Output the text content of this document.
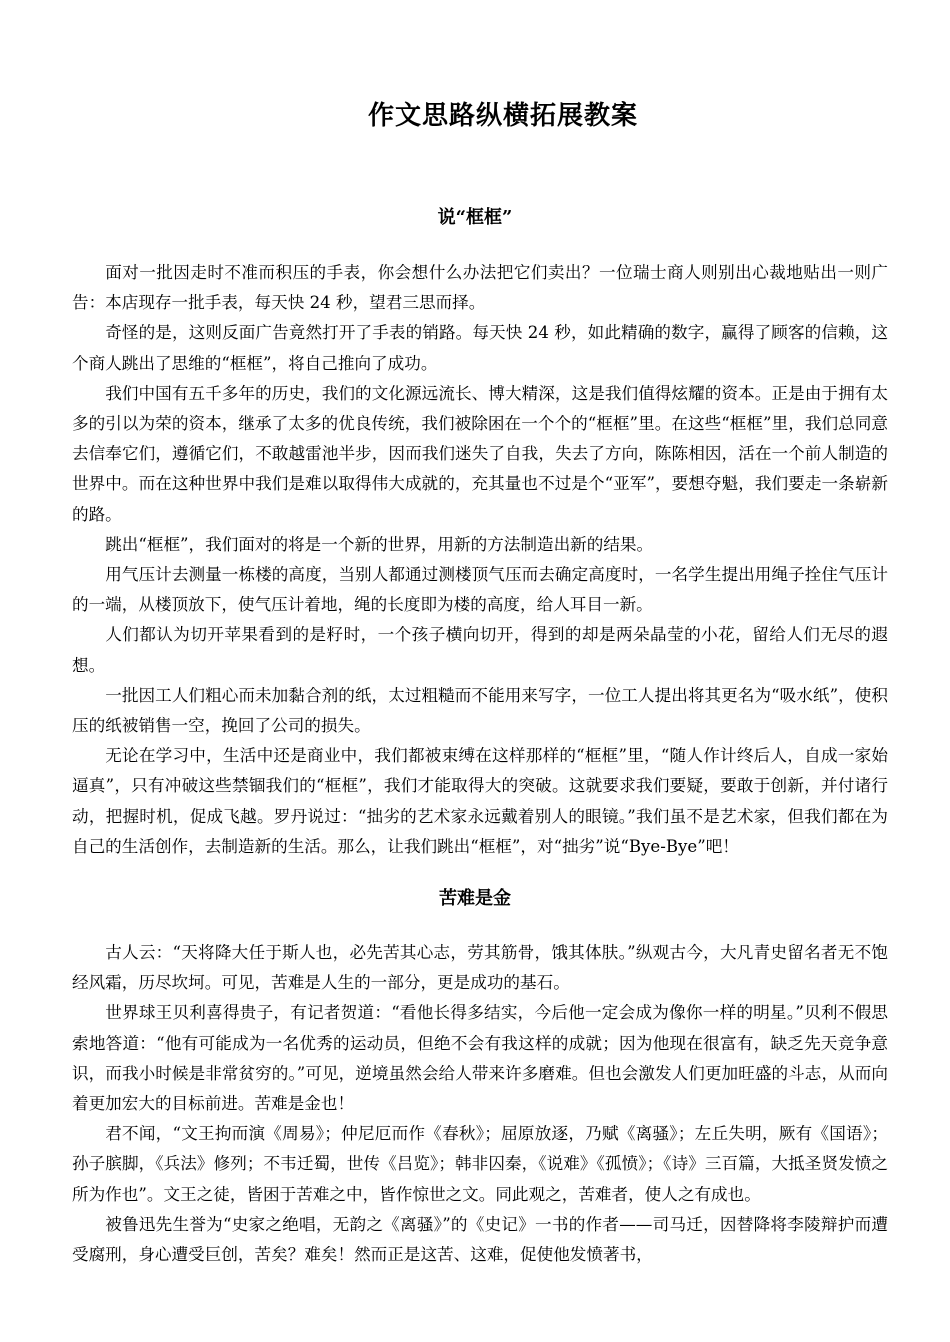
作文思路纵横拓展教案
说“框框”

面对一批因走时不准而积压的手表，你会想什么办法把它们卖出？一位瑞士商人则别出心裁地贴出一则广告：本店现存一批手表，每天快 24 秒，望君三思而择。

奇怪的是，这则反面广告竟然打开了手表的销路。每天快 24 秒，如此精确的数字，赢得了顾客的信赖，这个商人跳出了思维的“框框”，将自己推向了成功。

我们中国有五千多年的历史，我们的文化源远流长、博大精深，这是我们值得炫耀的资本。正是由于拥有太多的引以为荣的资本，继承了太多的优良传统，我们被除困在一个个的“框框”里。在这些“框框”里，我们总同意去信奉它们，遵循它们，不敢越雷池半步，因而我们迷失了自我，失去了方向，陈陈相因，活在一个前人制造的世界中。而在这种世界中我们是难以取得伟大成就的，充其量也不过是个“亚军”，要想夺魁，我们要走一条崭新的路。

跳出“框框”，我们面对的将是一个新的世界，用新的方法制造出新的结果。

用气压计去测量一栋楼的高度，当别人都通过测楼顶气压而去确定高度时，一名学生提出用绳子拴住气压计的一端，从楼顶放下，使气压计着地，绳的长度即为楼的高度，给人耳目一新。

人们都认为切开苹果看到的是籽时，一个孩子横向切开，得到的却是两朵晶莹的小花，留给人们无尽的遐想。

一批因工人们粗心而未加黏合剂的纸，太过粗糙而不能用来写字，一位工人提出将其更名为“吸水纸”，使积压的纸被销售一空，挽回了公司的损失。

无论在学习中，生活中还是商业中，我们都被束缚在这样那样的“框框”里，“随人作计终后人，自成一家始逼真”，只有冲破这些禁锢我们的“框框”，我们才能取得大的突破。这就要求我们要疑，要敢于创新，并付诸行动，把握时机，促成飞越。罗丹说过：“拙劣的艺术家永远戴着别人的眼镜。”我们虽不是艺术家，但我们都在为自己的生活创作，去制造新的生活。那么，让我们跳出“框框”，对“拙劣”说“Bye-Bye”吧！

苦难是金

古人云：“天将降大任于斯人也，必先苦其心志，劳其筋骨，饿其体肤。”纵观古今，大凡青史留名者无不饱经风霜，历尽坎坷。可见，苦难是人生的一部分，更是成功的基石。

世界球王贝利喜得贵子，有记者贺道：“看他长得多结实，今后他一定会成为像你一样的明星。”贝利不假思索地答道：“他有可能成为一名优秀的运动员，但绝不会有我这样的成就；因为他现在很富有，缺乏先天竞争意识，而我小时候是非常贫穷的。”可见，逆境虽然会给人带来许多磨难。但也会激发人们更加旺盛的斗志，从而向着更加宏大的目标前进。苦难是金也！

君不闻，“文王拘而演《周易》；仲尼厄而作《春秋》；屈原放逐，乃赋《离骚》；左丘失明，厥有《国语》；孙子膑脚，《兵法》修列；不韦迁蜀，世传《吕览》；韩非囚秦，《说难》《孤愤》；《诗》三百篇，大抵圣贤发愤之所为作也”。文王之徒，皆困于苦难之中，皆作惊世之文。同此观之，苦难者，使人之有成也。

被鲁迅先生誉为“史家之绝唱，无韵之《离骚》”的《史记》一书的作者——司马迁，因替降将李陵辩护而遭受腐刑，身心遭受巨创，苦矣？难矣！然而正是这苦、这难，促使他发愤著书，
